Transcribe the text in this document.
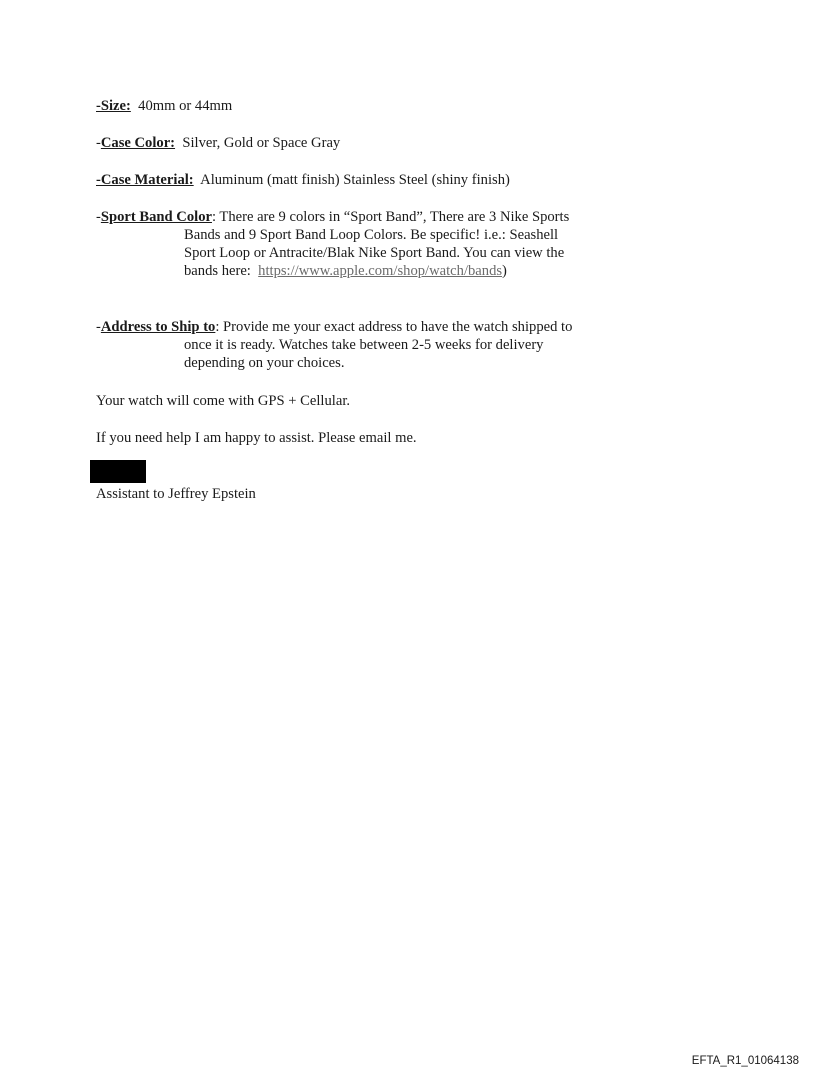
-Size: 40mm or 44mm

-Case Color: Silver, Gold or Space Gray

-Case Material: Aluminum (matt finish) Stainless Steel (shiny finish)

-Sport Band Color: There are 9 colors in “Sport Band”, There are 3 Nike Sports

Bands and 9 Sport Band Loop Colors. Be specific! i.e.: Seashell

Sport Loop or Antracite/Blak Nike Sport Band. You can view the

bands here:  https://www.apple.com/shop/watch/bands)

-Address to Ship to: Provide me your exact address to have the watch shipped to

once it is ready. Watches take between 2-5 weeks for delivery

depending on your choices.

Your watch will come with GPS + Cellular.

If you need help I am happy to assist. Please email me.

Assistant to Jeffrey Epstein

EFTA_R1_01064138
